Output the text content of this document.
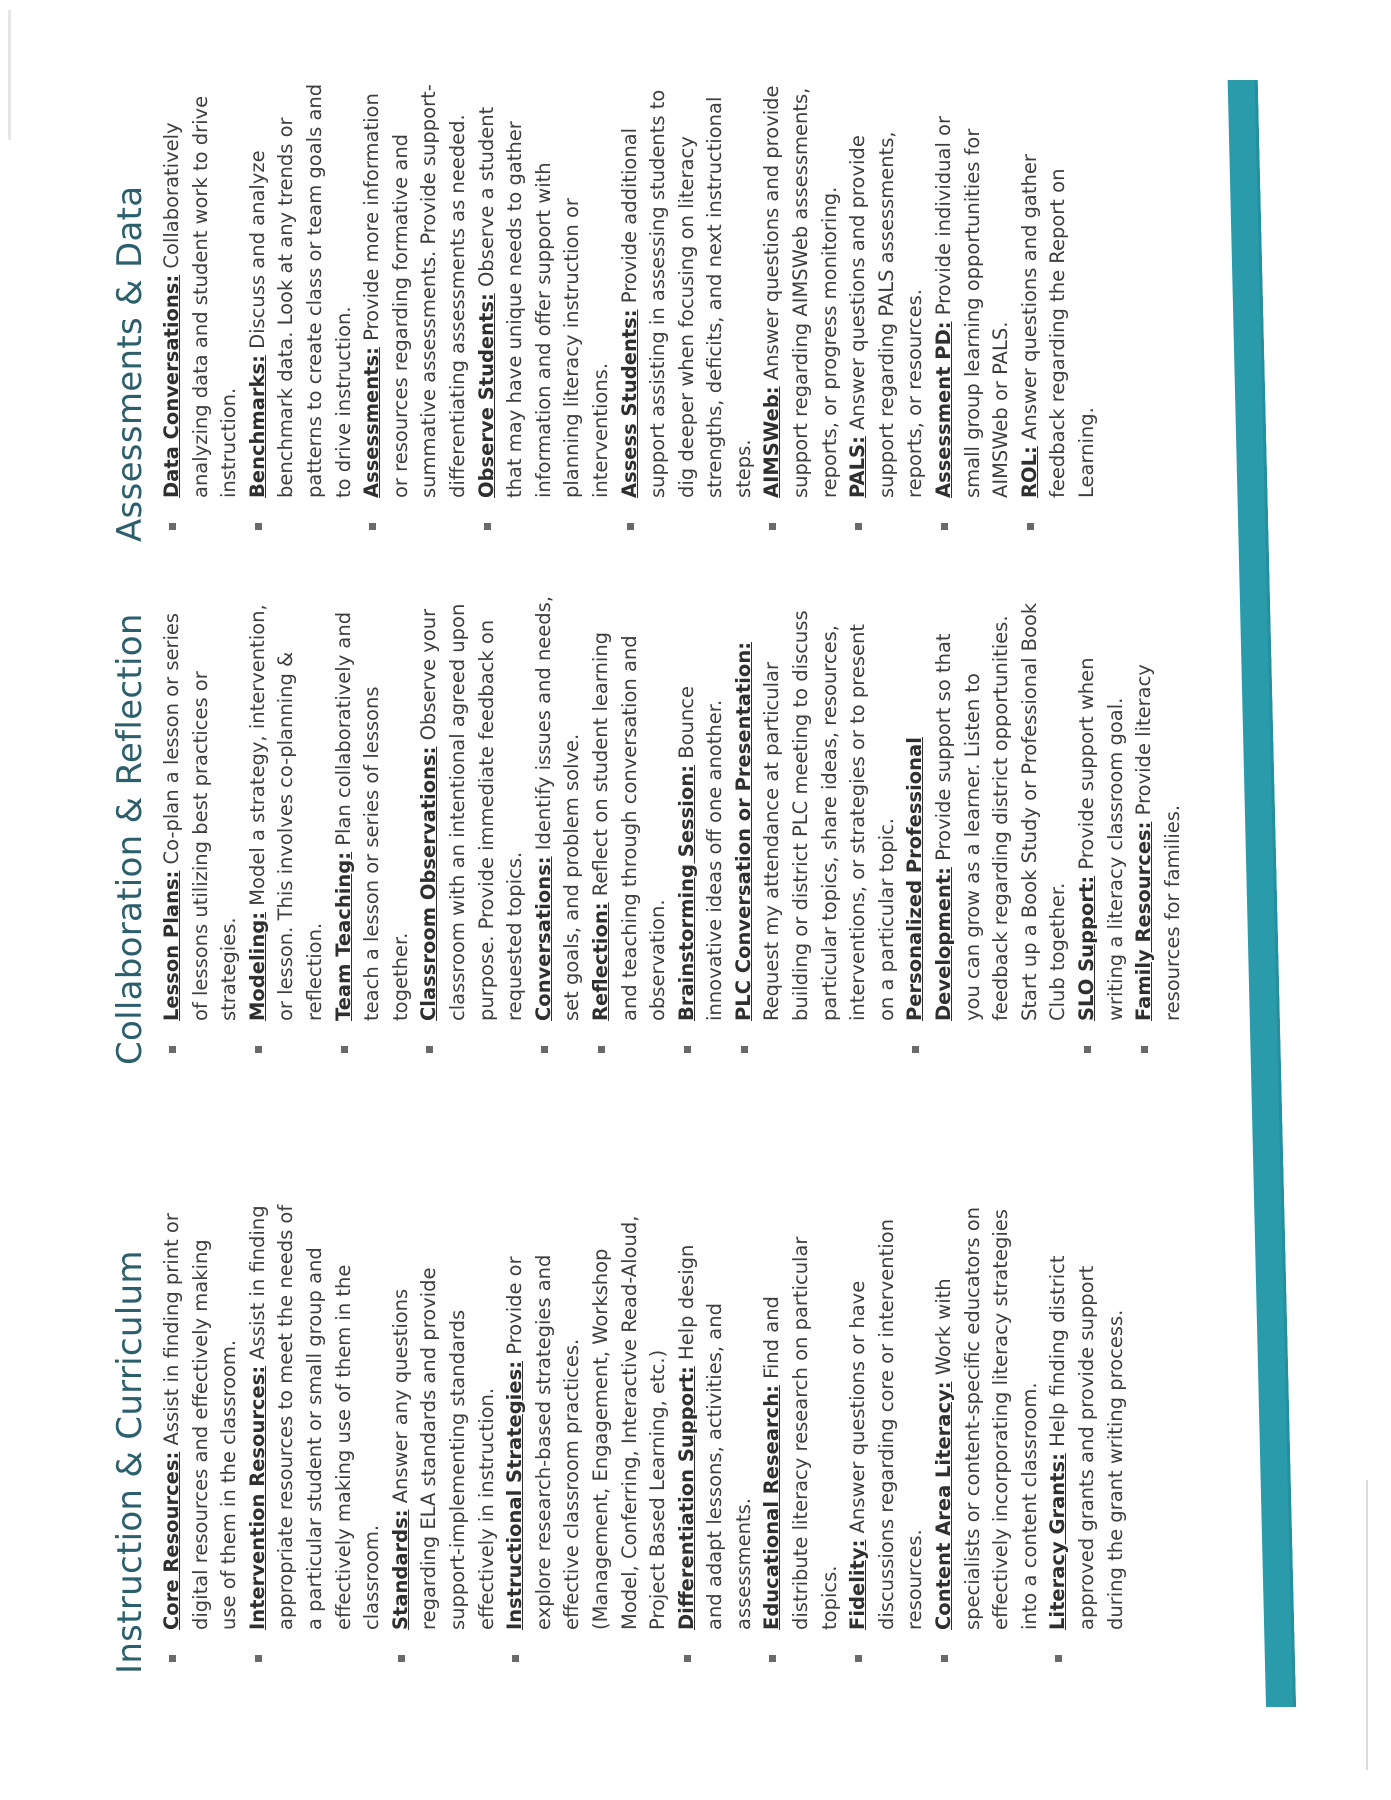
Instruction & Curriculum Core Resources: Assist in finding print or digital resources and effectively making use of them in the classroom. Intervention Resources: Assist in finding appropriate resources to meet the needs of a particular student or small group and effectively making use of them in the classroom. Standards: Answer any questions regarding ELA standards and provide support-implementing standards effectively in instruction. Instructional Strategies: Provide or explore research-based strategies and effective classroom practices. (Management, Engagement, Workshop Model, Conferring, Interactive Read-Aloud, Project Based Learning, etc.) Differentiation Support: Help design and adapt lessons, activities, and assessments. Educational Research: Find and distribute literacy research on particular topics. Fidelity: Answer questions or have discussions regarding core or intervention resources. Content Area Literacy: Work with specialists or content-specific educators on effectively incorporating literacy strategies into a content classroom. Literacy Grants: Help finding district approved grants and provide support during the grant writing process.
Collaboration & Reflection Lesson Plans: Co-plan a lesson or series of lessons utilizing best practices or strategies. Modeling: Model a strategy, intervention, or lesson. This involves co-planning & reflection. Team Teaching: Plan collaboratively and teach a lesson or series of lessons together. Classroom Observations: Observe your classroom with an intentional agreed upon purpose. Provide immediate feedback on requested topics. Conversations: Identify issues and needs, set goals, and problem solve. Reflection: Reflect on student learning and teaching through conversation and observation. Brainstorming Session: Bounce innovative ideas off one another. PLC Conversation or Presentation: Request my attendance at particular building or district PLC meeting to discuss particular topics, share ideas, resources, interventions, or strategies or to present on a particular topic. Personalized Professional Development: Provide support so that you can grow as a learner. Listen to feedback regarding district opportunities. Start up a Book Study or Professional Book Club together. SLO Support: Provide support when writing a literacy classroom goal. Family Resources: Provide literacy resources for families.
Assessments & Data Data Conversations: Collaboratively analyzing data and student work to drive instruction. Benchmarks: Discuss and analyze benchmark data. Look at any trends or patterns to create class or team goals and to drive instruction. Assessments: Provide more information or resources regarding formative and summative assessments. Provide support-differentiating assessments as needed. Observe Students: Observe a student that may have unique needs to gather information and offer support with planning literacy instruction or interventions. Assess Students: Provide additional support assisting in assessing students to dig deeper when focusing on literacy strengths, deficits, and next instructional steps. AIMSWeb: Answer questions and provide support regarding AIMSWeb assessments, reports, or progress monitoring. PALS: Answer questions and provide support regarding PALS assessments, reports, or resources. Assessment PD: Provide individual or small group learning opportunities for AIMSWeb or PALS. ROL: Answer questions and gather feedback regarding the Report on Learning.
